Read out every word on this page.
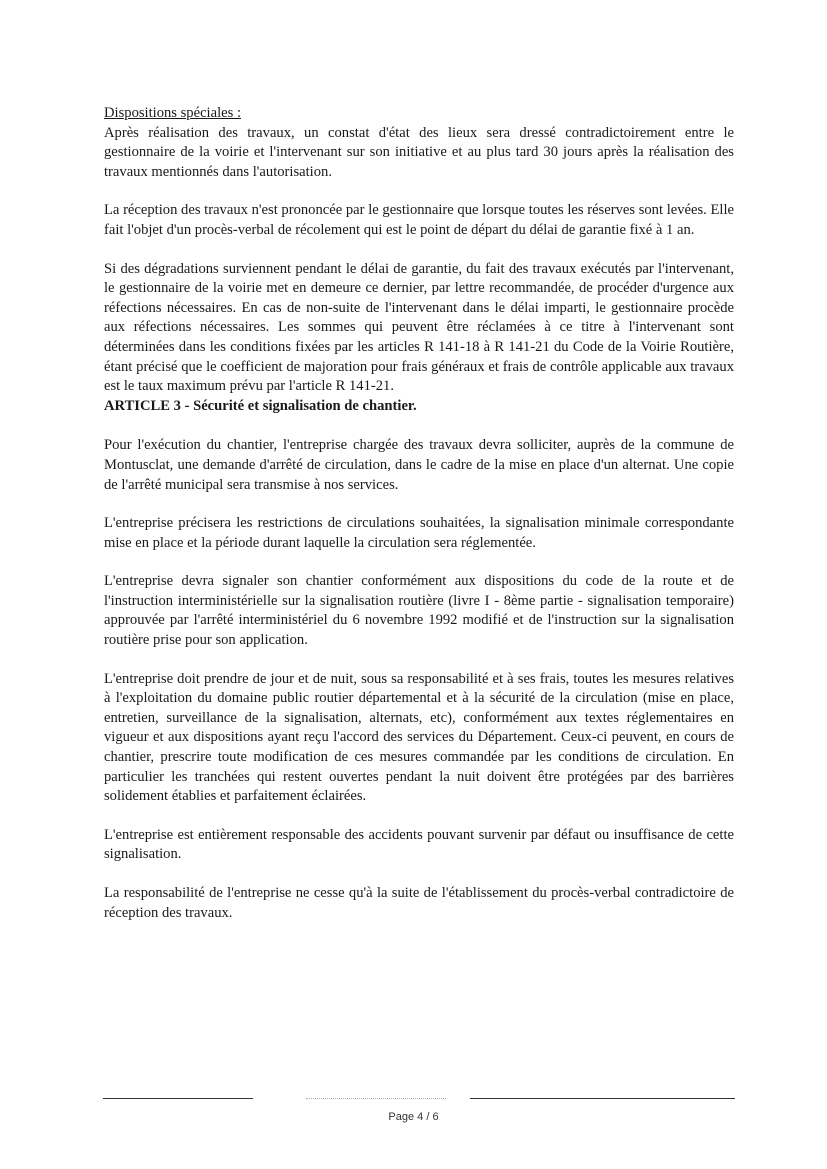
Dispositions spéciales :

Après réalisation des travaux, un constat d'état des lieux sera dressé contradictoirement entre le gestionnaire de la voirie et l'intervenant sur son initiative et au plus tard 30 jours après la réalisation des travaux mentionnés dans l'autorisation.

La réception des travaux n'est prononcée par le gestionnaire que lorsque toutes les réserves sont levées. Elle fait l'objet d'un procès-verbal de récolement qui est le point de départ du délai de garantie fixé à 1 an.

Si des dégradations surviennent pendant le délai de garantie, du fait des travaux exécutés par l'intervenant, le gestionnaire de la voirie met en demeure ce dernier, par lettre recommandée, de procéder d'urgence aux réfections nécessaires. En cas de non-suite de l'intervenant dans le délai imparti, le gestionnaire procède aux réfections nécessaires. Les sommes qui peuvent être réclamées à ce titre à l'intervenant sont déterminées dans les conditions fixées par les articles R 141-18 à R 141-21 du Code de la Voirie Routière, étant précisé que le coefficient de majoration pour frais généraux et frais de contrôle applicable aux travaux est le taux maximum prévu par l'article R 141-21.

ARTICLE 3 - Sécurité et signalisation de chantier.

Pour l'exécution du chantier, l'entreprise chargée des travaux devra solliciter, auprès de la commune de Montusclat, une demande d'arrêté de circulation, dans le cadre de la mise en place d'un alternat. Une copie de l'arrêté municipal sera transmise à nos services.

L'entreprise précisera les restrictions de circulations souhaitées, la signalisation minimale correspondante mise en place et la période durant laquelle la circulation sera réglementée.

L'entreprise devra signaler son chantier conformément aux dispositions du code de la route et de l'instruction interministérielle sur la signalisation routière (livre I - 8ème partie - signalisation temporaire) approuvée par l'arrêté interministériel du 6 novembre 1992 modifié et de l'instruction sur la signalisation routière prise pour son application.

L'entreprise doit prendre de jour et de nuit, sous sa responsabilité et à ses frais, toutes les mesures relatives à l'exploitation du domaine public routier départemental et à la sécurité de la circulation (mise en place, entretien, surveillance de la signalisation, alternats, etc), conformément aux textes réglementaires en vigueur et aux dispositions ayant reçu l'accord des services du Département. Ceux-ci peuvent, en cours de chantier, prescrire toute modification de ces mesures commandée par les conditions de circulation. En particulier les tranchées qui restent ouvertes pendant la nuit doivent être protégées par des barrières solidement établies et parfaitement éclairées.

L'entreprise est entièrement responsable des accidents pouvant survenir par défaut ou insuffisance de cette signalisation.

La responsabilité de l'entreprise ne cesse qu'à la suite de l'établissement du procès-verbal contradictoire de réception des travaux.

Page 4 / 6
